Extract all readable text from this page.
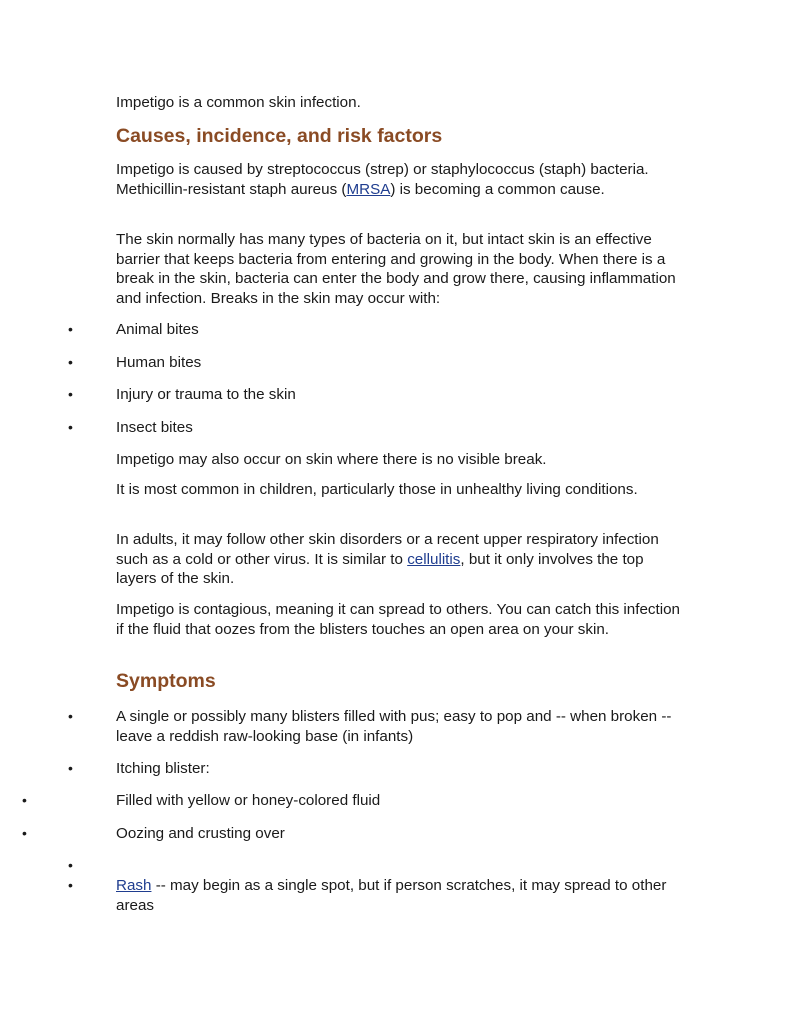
Impetigo is a common skin infection.

Causes, incidence, and risk factors

Impetigo is caused by streptococcus (strep) or staphylococcus (staph) bacteria. Methicillin-resistant staph aureus (MRSA) is becoming a common cause.

The skin normally has many types of bacteria on it, but intact skin is an effective barrier that keeps bacteria from entering and growing in the body. When there is a break in the skin, bacteria can enter the body and grow there, causing inflammation and infection. Breaks in the skin may occur with:

•	Animal bites

•	Human bites

•	Injury or trauma to the skin

•	Insect bites

Impetigo may also occur on skin where there is no visible break.

It is most common in children, particularly those in unhealthy living conditions.

In adults, it may follow other skin disorders or a recent upper respiratory infection such as a cold or other virus. It is similar to cellulitis, but it only involves the top layers of the skin.

Impetigo is contagious, meaning it can spread to others. You can catch this infection if the fluid that oozes from the blisters touches an open area on your skin.

Symptoms

•	A single or possibly many blisters filled with pus; easy to pop and -- when broken -- leave a reddish raw-looking base (in infants)

•	Itching blister:

•	Filled with yellow or honey-colored fluid

•	Oozing and crusting over

•
•	Rash -- may begin as a single spot, but if person scratches, it may spread to other areas
